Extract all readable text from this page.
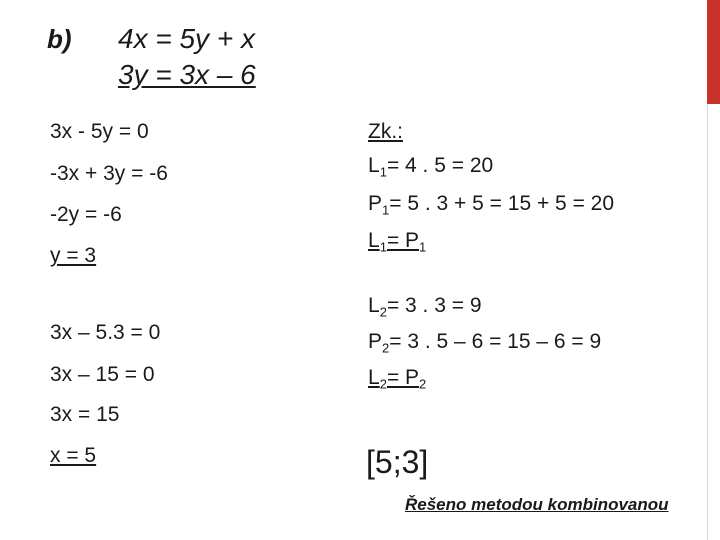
b) 4x = 5y + x
3y = 3x – 6
3x - 5y = 0
-3x + 3y = -6
-2y = -6
y = 3
3x – 5.3 = 0
3x – 15 = 0
3x = 15
x = 5
Zk.:
$L_1= 4$ . 5 = 20
$P_1= 5$ . 3 + 5 = 15 + 5 = 20
$L_1= P_1$
$L_2= 3$ . 3 = 9
$P_2= 3$ . 5 – 6 = 15 – 6 = 9
$L_2= P_2$
[5;3]
Řešeno metodou kombinovanou
